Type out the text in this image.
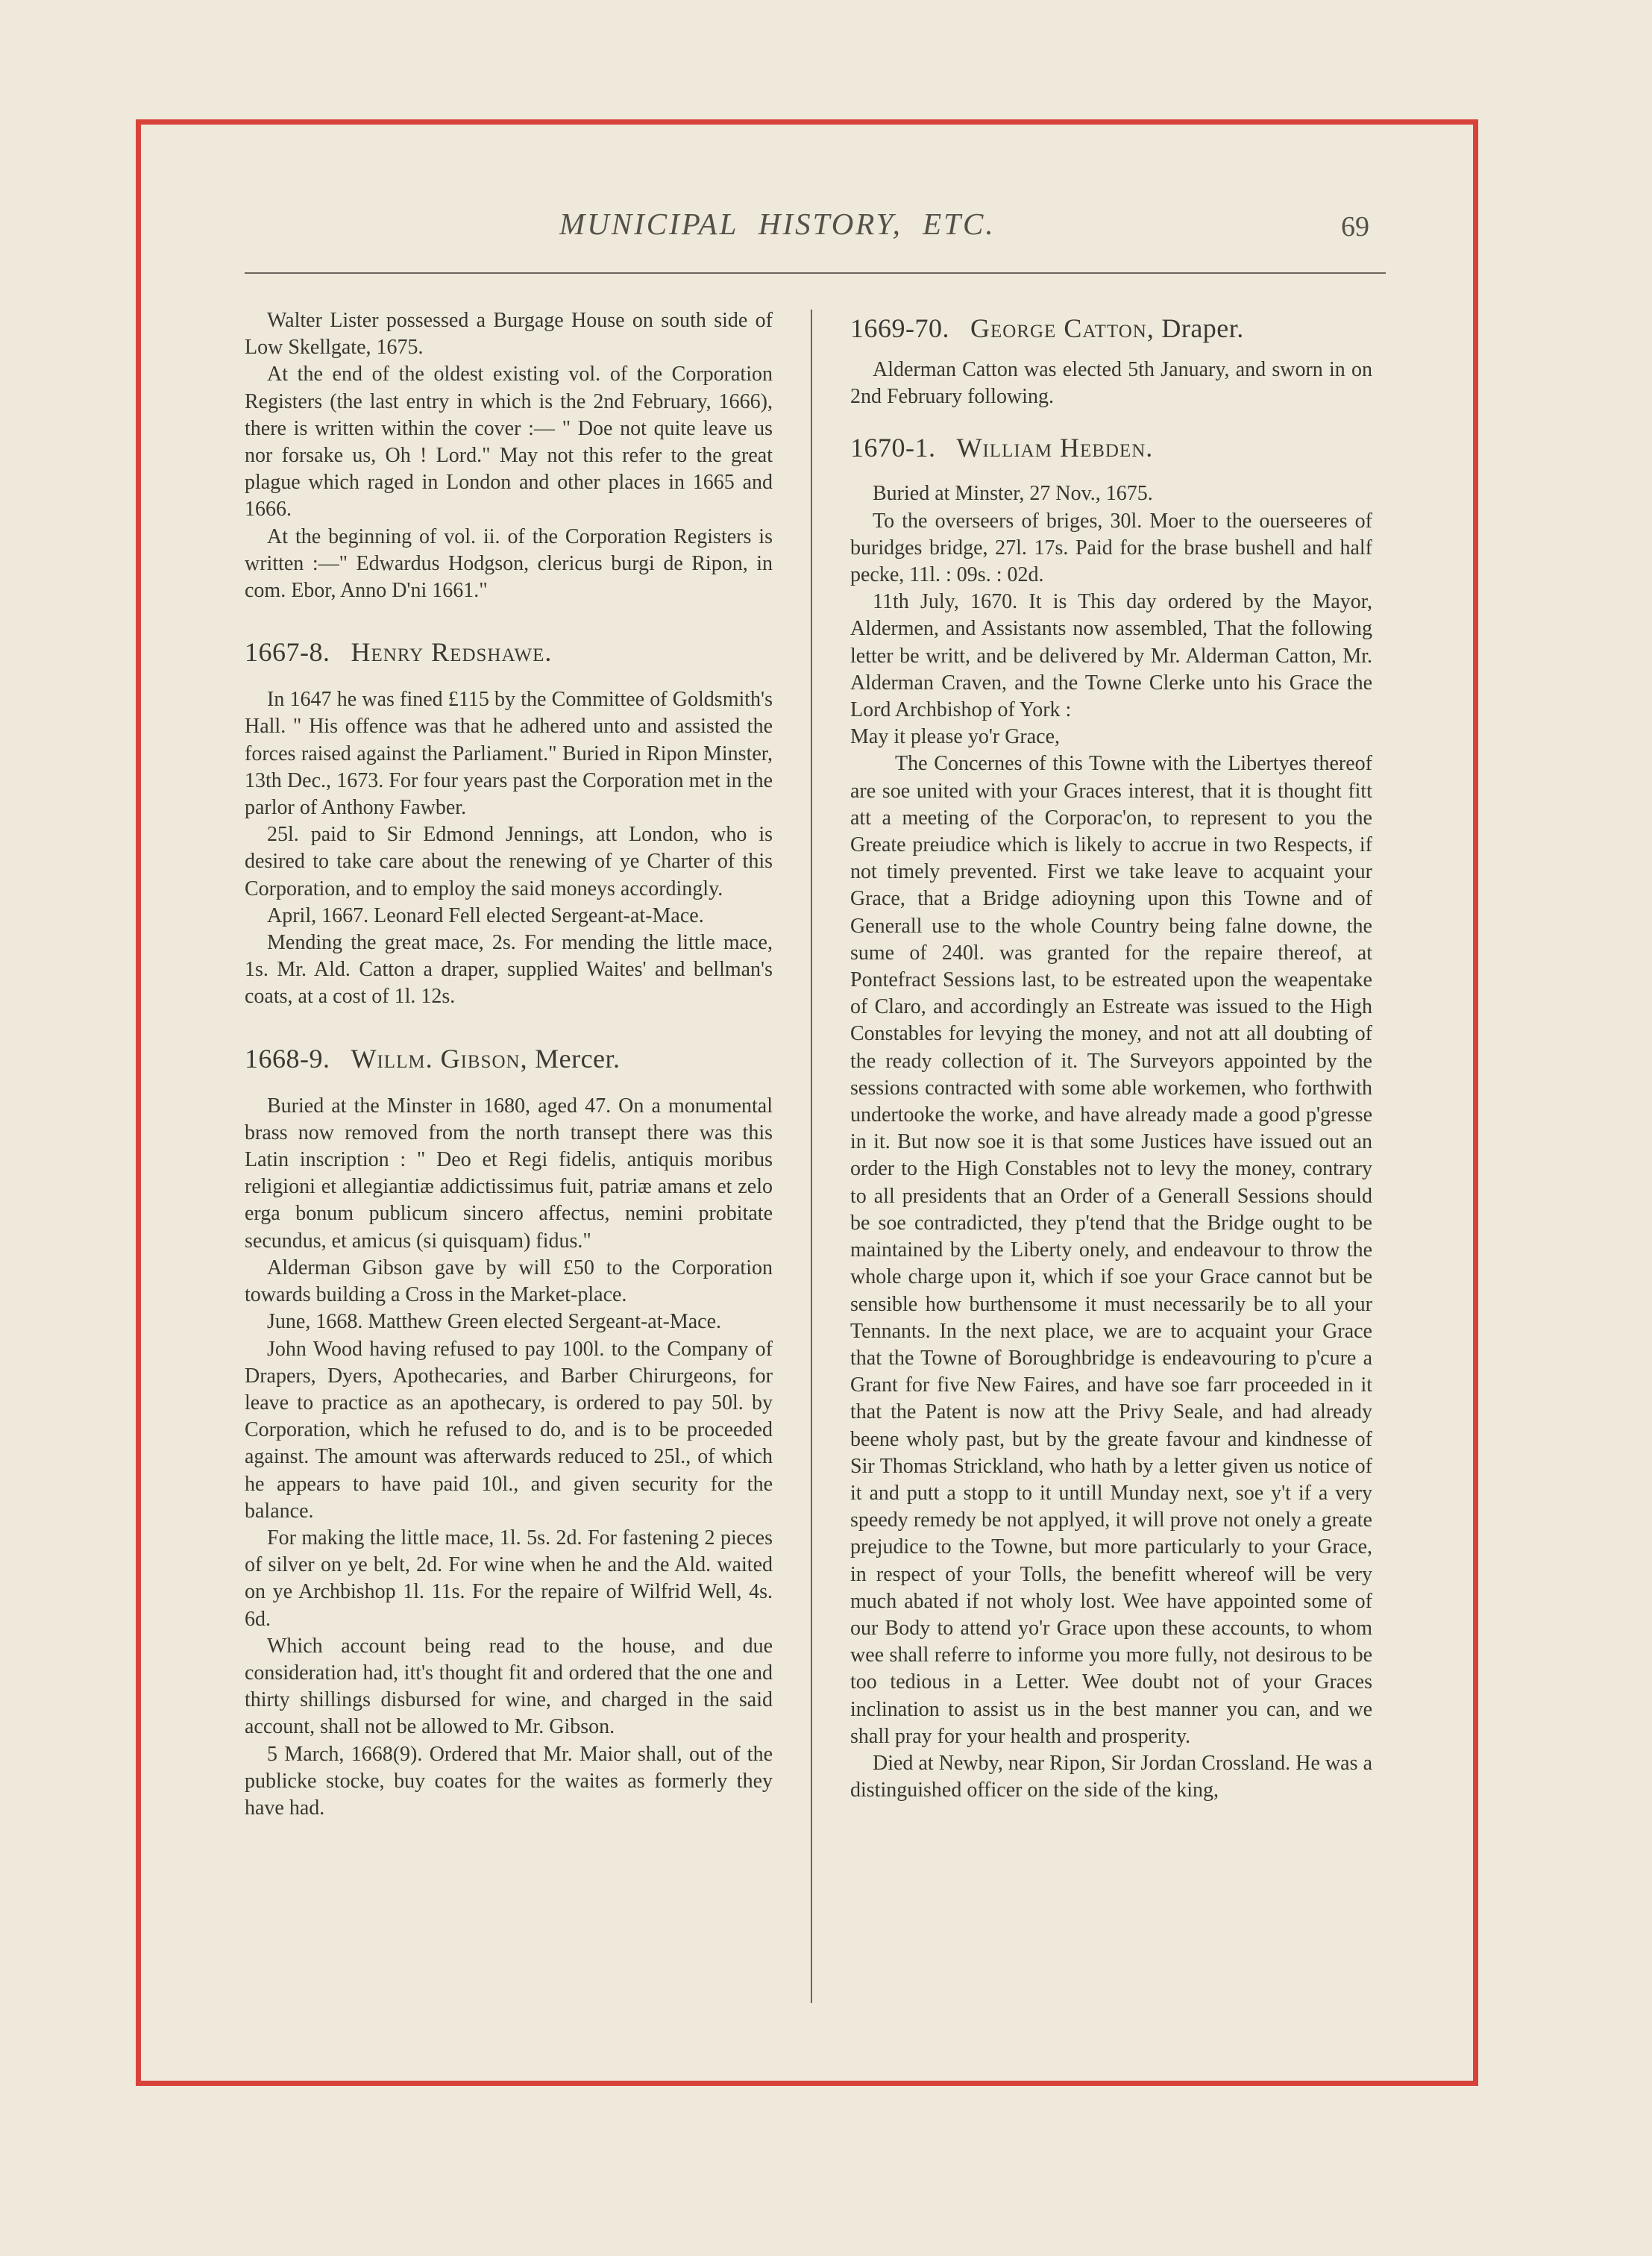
MUNICIPAL HISTORY, ETC.	69

Walter Lister possessed a Burgage House on south side of Low Skellgate, 1675.

At the end of the oldest existing vol. of the Corporation Registers (the last entry in which is the 2nd February, 1666), there is written within the cover :— " Doe not quite leave us nor forsake us, Oh ! Lord." May not this refer to the great plague which raged in London and other places in 1665 and 1666.

At the beginning of vol. ii. of the Corporation Registers is written :—" Edwardus Hodgson, clericus burgi de Ripon, in com. Ebor, Anno D'ni 1661."

1667-8. Henry Redshawe.

In 1647 he was fined £115 by the Committee of Goldsmith's Hall. " His offence was that he adhered unto and assisted the forces raised against the Parliament." Buried in Ripon Minster, 13th Dec., 1673. For four years past the Corporation met in the parlor of Anthony Fawber.

25l. paid to Sir Edmond Jennings, att London, who is desired to take care about the renewing of ye Charter of this Corporation, and to employ the said moneys accordingly.

April, 1667. Leonard Fell elected Sergeant-at-Mace.

Mending the great mace, 2s. For mending the little mace, 1s. Mr. Ald. Catton a draper, supplied Waites' and bellman's coats, at a cost of 1l. 12s.

1668-9. Willm. Gibson, Mercer.

Buried at the Minster in 1680, aged 47. On a monumental brass now removed from the north transept there was this Latin inscription : " Deo et Regi fidelis, antiquis moribus religioni et allegiantiæ addictissimus fuit, patriæ amans et zelo erga bonum publicum sincero affectus, nemini probitate secundus, et amicus (si quisquam) fidus."

Alderman Gibson gave by will £50 to the Corporation towards building a Cross in the Market-place.

June, 1668. Matthew Green elected Sergeant-at-Mace.

John Wood having refused to pay 100l. to the Company of Drapers, Dyers, Apothecaries, and Barber Chirurgeons, for leave to practice as an apothecary, is ordered to pay 50l. by Corporation, which he refused to do, and is to be proceeded against. The amount was afterwards reduced to 25l., of which he appears to have paid 10l., and given security for the balance.

For making the little mace, 1l. 5s. 2d. For fastening 2 pieces of silver on ye belt, 2d. For wine when he and the Ald. waited on ye Archbishop 1l. 11s. For the repaire of Wilfrid Well, 4s. 6d.

Which account being read to the house, and due consideration had, itt's thought fit and ordered that the one and thirty shillings disbursed for wine, and charged in the said account, shall not be allowed to Mr. Gibson.

5 March, 1668(9). Ordered that Mr. Maior shall, out of the publicke stocke, buy coates for the waites as formerly they have had.

1669-70. George Catton, Draper.

Alderman Catton was elected 5th January, and sworn in on 2nd February following.

1670-1. William Hebden.

Buried at Minster, 27 Nov., 1675.

To the overseers of briges, 30l. Moer to the ouerseeres of buridges bridge, 27l. 17s. Paid for the brase bushell and half pecke, 11l. : 09s. : 02d.

11th July, 1670. It is This day ordered by the Mayor, Aldermen, and Assistants now assembled, That the following letter be writt, and be delivered by Mr. Alderman Catton, Mr. Alderman Craven, and the Towne Clerke unto his Grace the Lord Archbishop of York :

May it please yo'r Grace,

The Concernes of this Towne with the Libertyes thereof are soe united with your Graces interest, that it is thought fitt att a meeting of the Corporac'on, to represent to you the Greate preiudice which is likely to accrue in two Respects, if not timely prevented. First we take leave to acquaint your Grace, that a Bridge adioyning upon this Towne and of Generall use to the whole Country being falne downe, the sume of 240l. was granted for the repaire thereof, at Pontefract Sessions last, to be estreated upon the weapentake of Claro, and accordingly an Estreate was issued to the High Constables for levying the money, and not att all doubting of the ready collection of it. The Surveyors appointed by the sessions contracted with some able workemen, who forthwith undertooke the worke, and have already made a good p'gresse in it. But now soe it is that some Justices have issued out an order to the High Constables not to levy the money, contrary to all presidents that an Order of a Generall Sessions should be soe contradicted, they p'tend that the Bridge ought to be maintained by the Liberty onely, and endeavour to throw the whole charge upon it, which if soe your Grace cannot but be sensible how burthensome it must necessarily be to all your Tennants. In the next place, we are to acquaint your Grace that the Towne of Boroughbridge is endeavouring to p'cure a Grant for five New Faires, and have soe farr proceeded in it that the Patent is now att the Privy Seale, and had already beene wholy past, but by the greate favour and kindnesse of Sir Thomas Strickland, who hath by a letter given us notice of it and putt a stopp to it untill Munday next, soe y't if a very speedy remedy be not applyed, it will prove not onely a greate prejudice to the Towne, but more particularly to your Grace, in respect of your Tolls, the benefitt whereof will be very much abated if not wholy lost. Wee have appointed some of our Body to attend yo'r Grace upon these accounts, to whom wee shall referre to informe you more fully, not desirous to be too tedious in a Letter. Wee doubt not of your Graces inclination to assist us in the best manner you can, and we shall pray for your health and prosperity.

Died at Newby, near Ripon, Sir Jordan Crossland. He was a distinguished officer on the side of the king,
